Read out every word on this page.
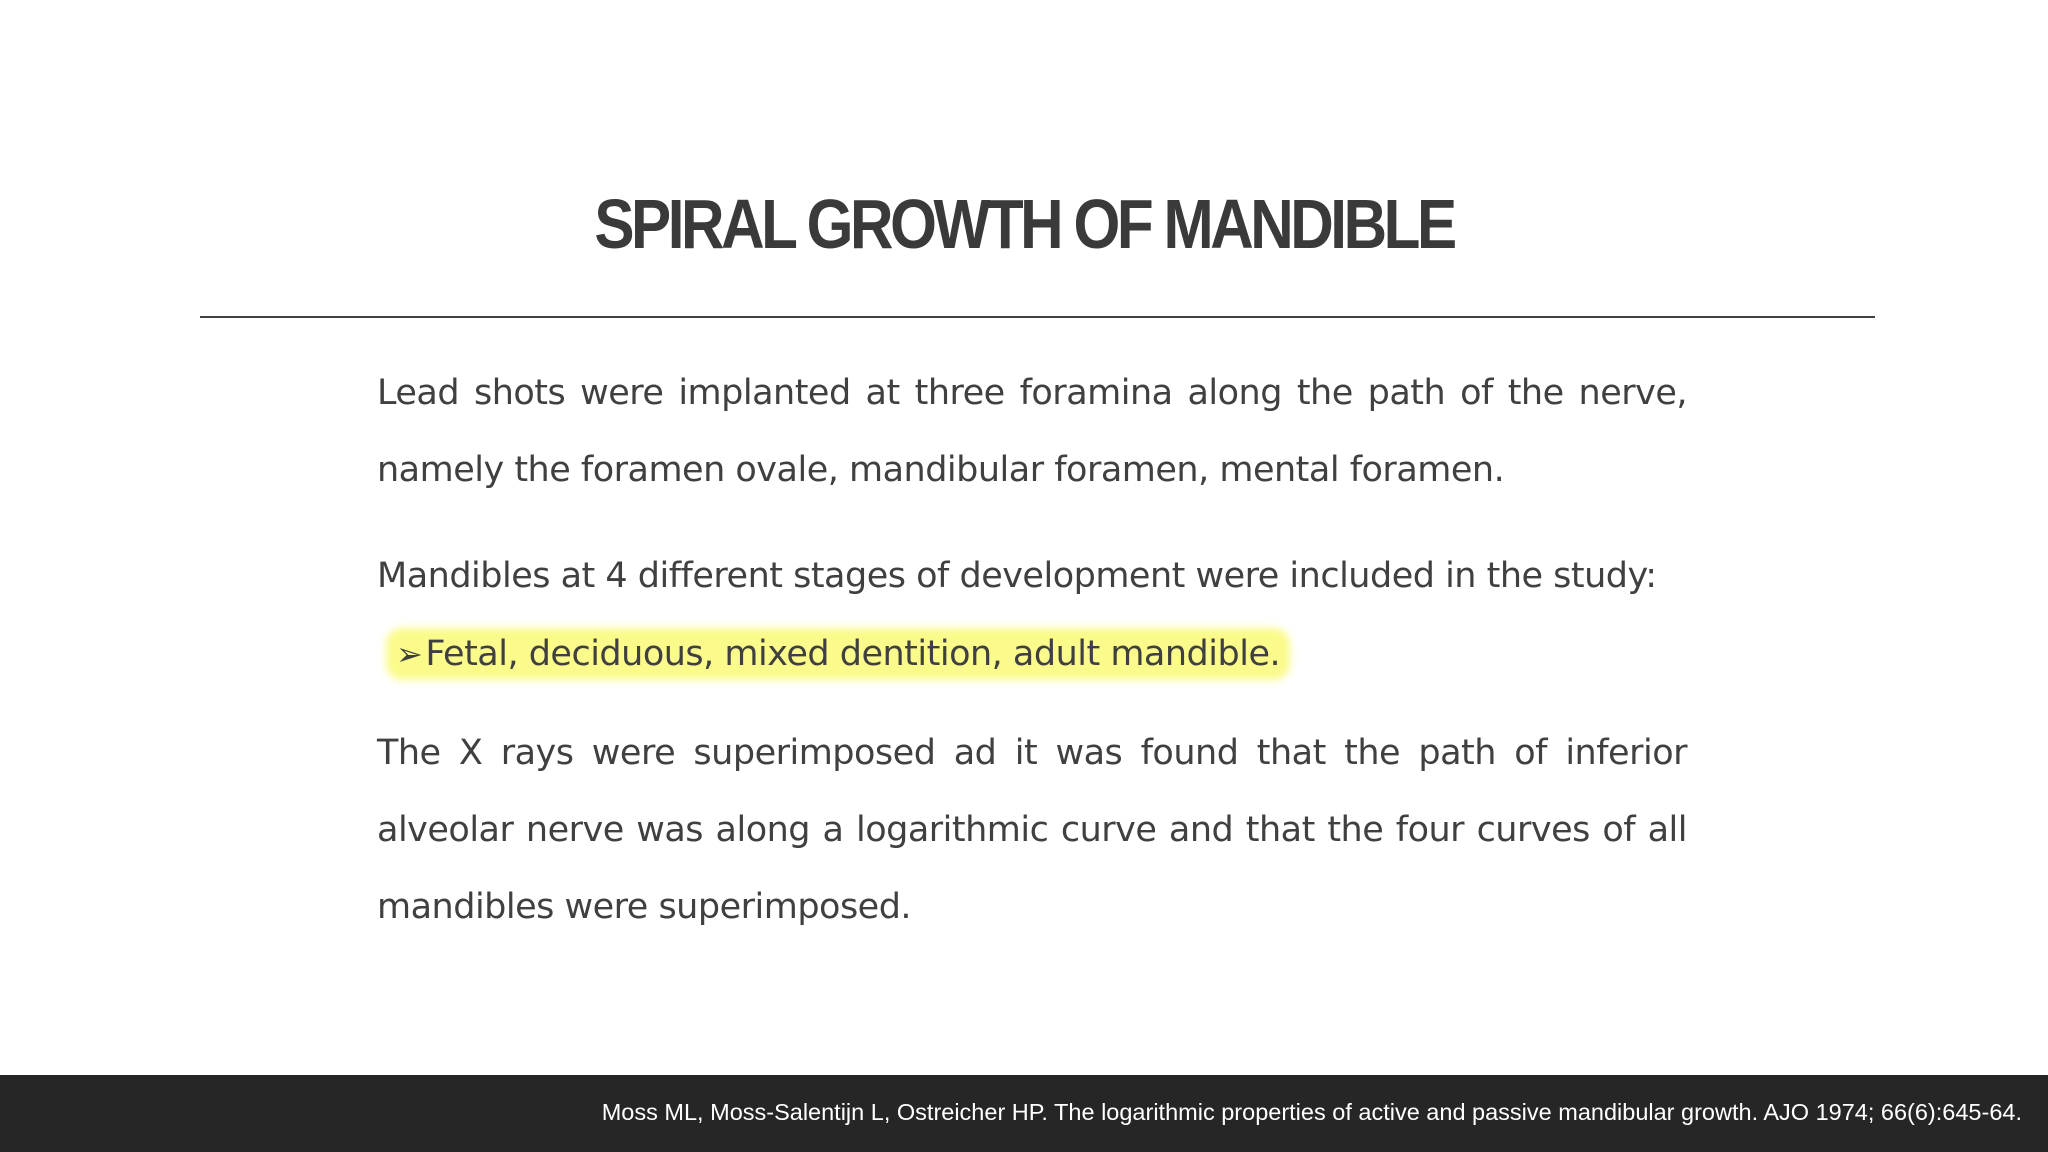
SPIRAL GROWTH OF MANDIBLE

Lead shots were implanted at three foramina along the path of the nerve, namely the foramen ovale, mandibular foramen, mental foramen.

Mandibles at 4 different stages of development were included in the study:

➢Fetal, deciduous, mixed dentition, adult mandible.

The X rays were superimposed ad it was found that the path of inferior alveolar nerve was along a logarithmic curve and that the four curves of all mandibles were superimposed.

Moss ML, Moss-Salentijn L, Ostreicher HP. The logarithmic properties of active and passive mandibular growth. AJO 1974; 66(6):645-64.
